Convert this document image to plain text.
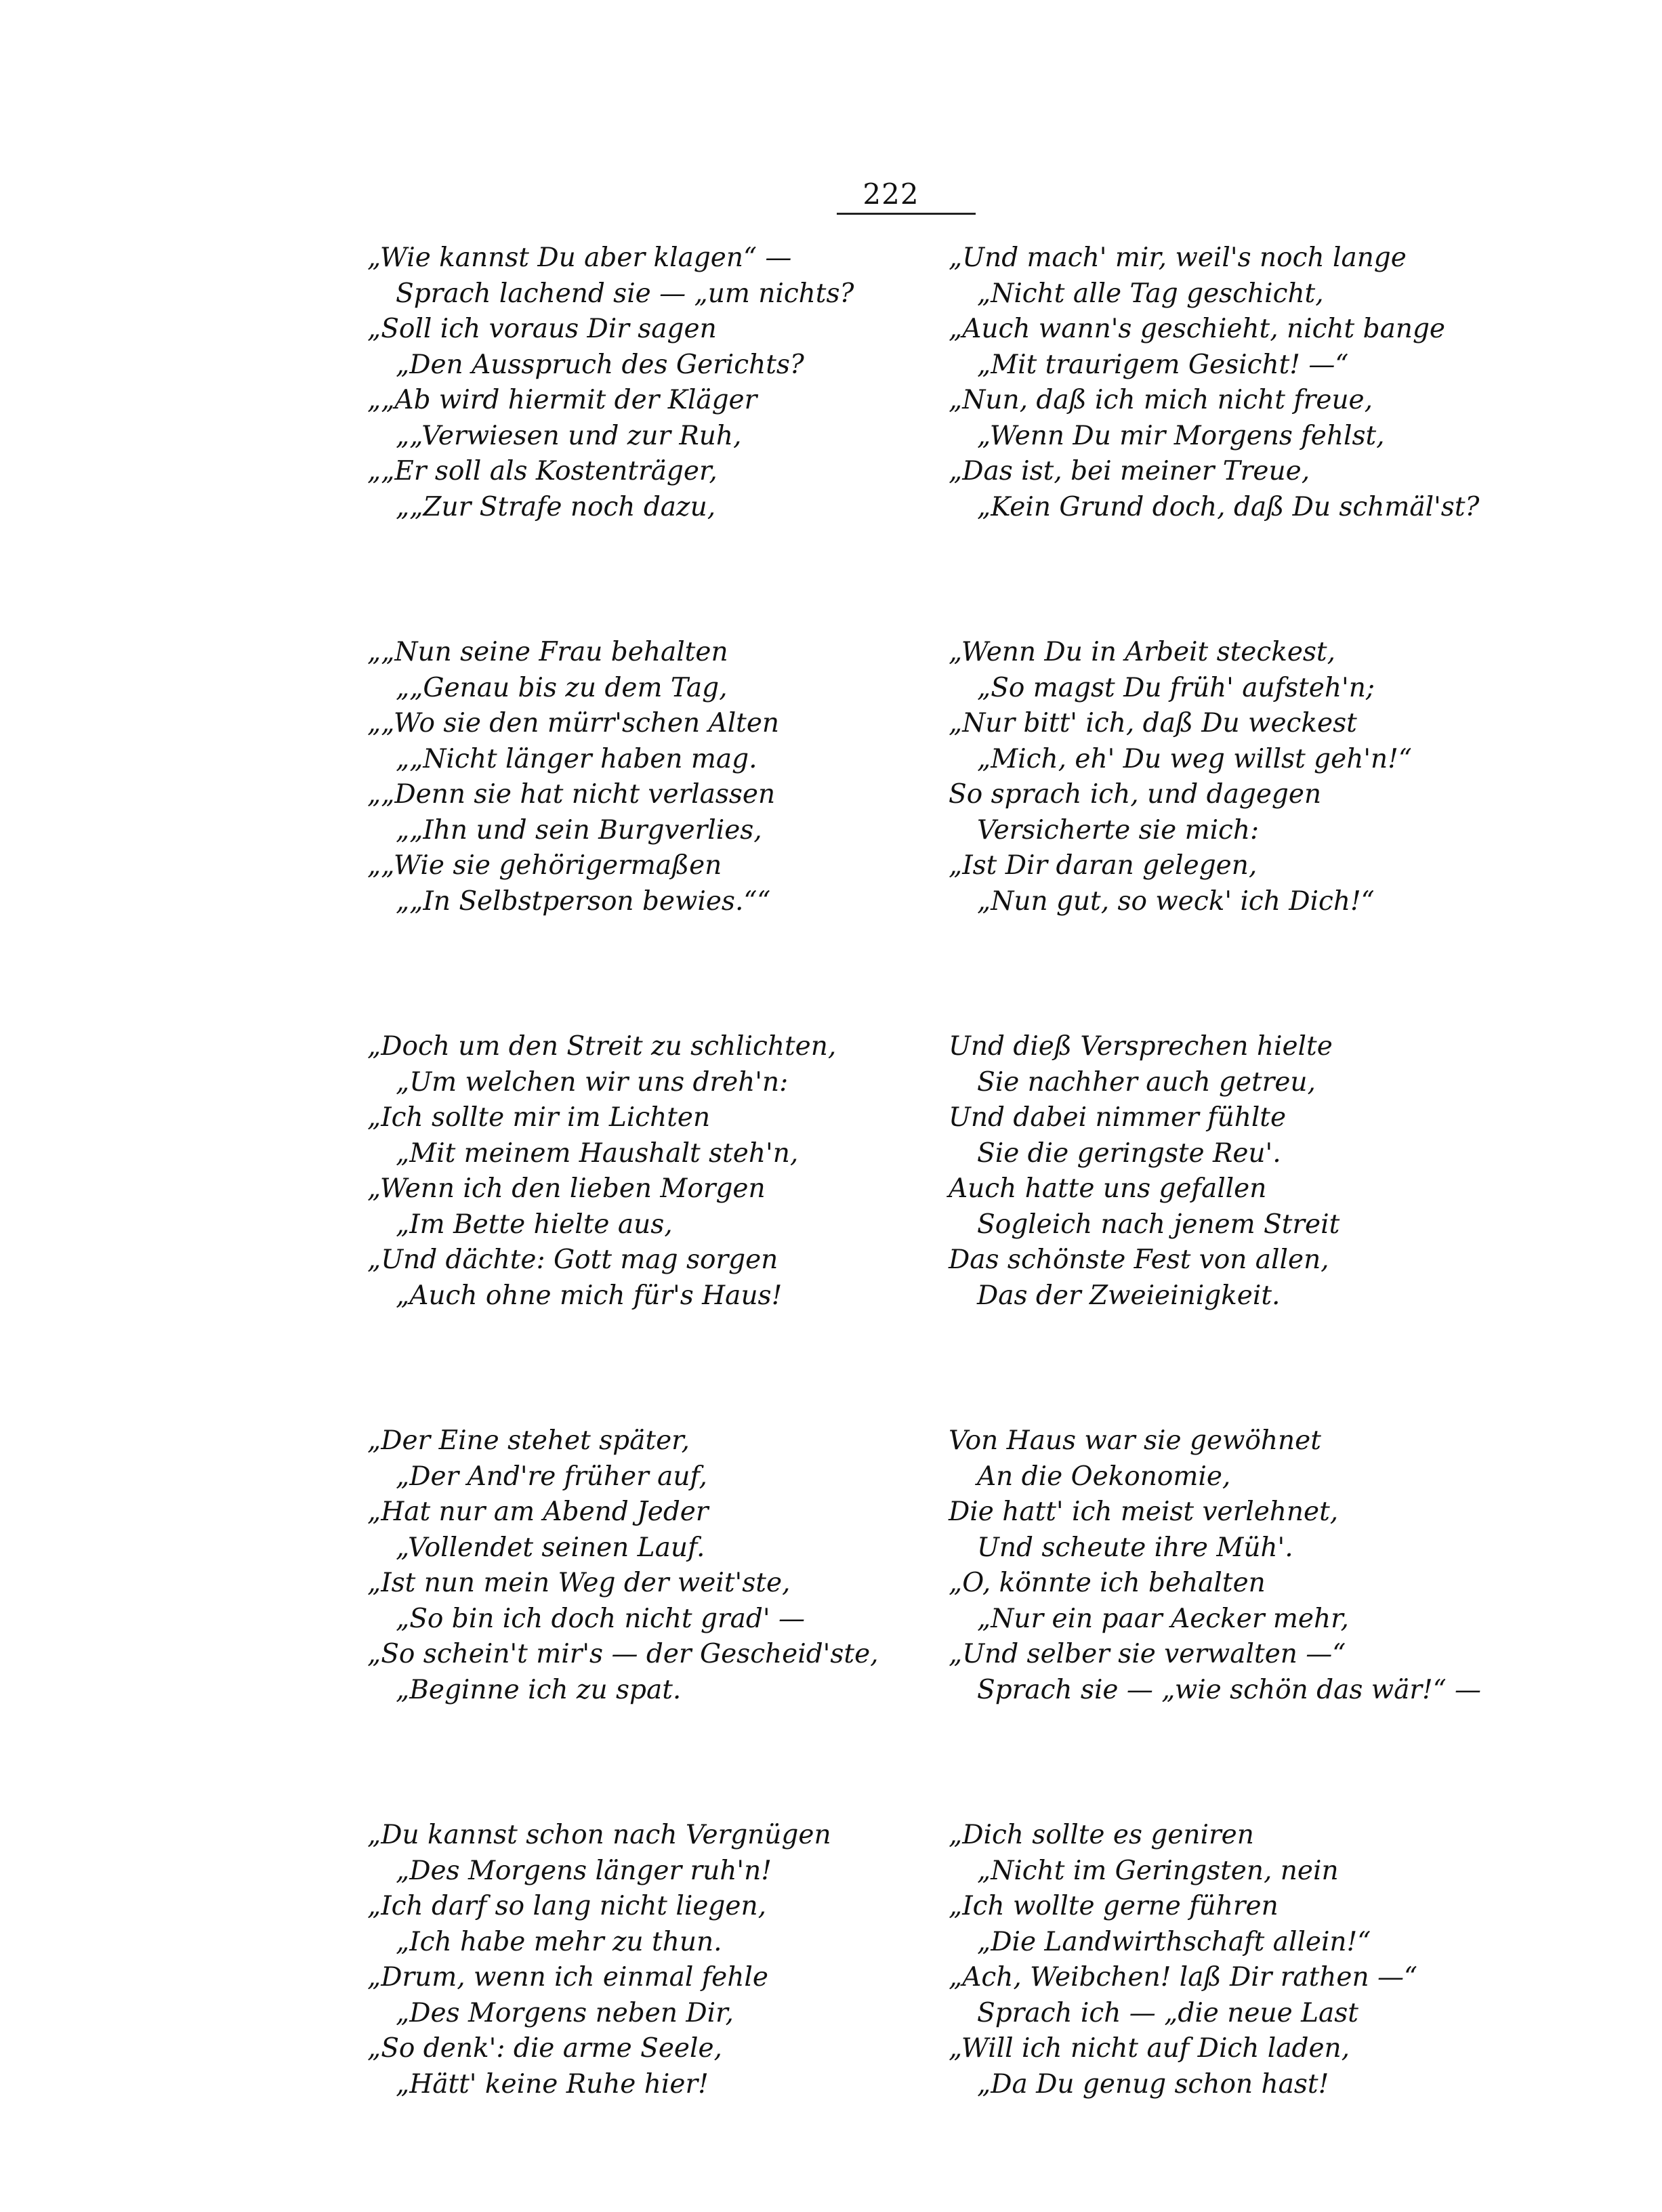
222
„Wie kannst Du aber klagen“ —
Sprach lachend sie — „um nichts?
„Soll ich voraus Dir sagen
„Den Ausspruch des Gerichts?
„„Ab wird hiermit der Kläger
„„Verwiesen und zur Ruh,
„„Er soll als Kostenträger,
„„Zur Strafe noch dazu,
„„Nun seine Frau behalten
„„Genau bis zu dem Tag,
„„Wo sie den mürr'schen Alten
„„Nicht länger haben mag.
„„Denn sie hat nicht verlassen
„„Ihn und sein Burgverlies,
„„Wie sie gehörigermaßen
„„In Selbstperson bewies.““
„Doch um den Streit zu schlichten,
„Um welchen wir uns dreh'n:
„Ich sollte mir im Lichten
„Mit meinem Haushalt steh'n,
„Wenn ich den lieben Morgen
„Im Bette hielte aus,
„Und dächte: Gott mag sorgen
„Auch ohne mich für's Haus!
„Der Eine stehet später,
„Der And're früher auf,
„Hat nur am Abend Jeder
„Vollendet seinen Lauf.
„Ist nun mein Weg der weit'ste,
„So bin ich doch nicht grad' —
„So schein't mir's — der Gescheid'ste,
„Beginne ich zu spat.
„Du kannst schon nach Vergnügen
„Des Morgens länger ruh'n!
„Ich darf so lang nicht liegen,
„Ich habe mehr zu thun.
„Drum, wenn ich einmal fehle
„Des Morgens neben Dir,
„So denk': die arme Seele,
„Hätt' keine Ruhe hier!
„Und mach' mir, weil's noch lange
„Nicht alle Tag geschicht,
„Auch wann's geschieht, nicht bange
„Mit traurigem Gesicht! —“
„Nun, daß ich mich nicht freue,
„Wenn Du mir Morgens fehlst,
„Das ist, bei meiner Treue,
„Kein Grund doch, daß Du schmäl'st?
„Wenn Du in Arbeit steckest,
„So magst Du früh' aufsteh'n;
„Nur bitt' ich, daß Du weckest
„Mich, eh' Du weg willst geh'n!“
So sprach ich, und dagegen
Versicherte sie mich:
„Ist Dir daran gelegen,
„Nun gut, so weck' ich Dich!“
Und dieß Versprechen hielte
Sie nachher auch getreu,
Und dabei nimmer fühlte
Sie die geringste Reu'.
Auch hatte uns gefallen
Sogleich nach jenem Streit
Das schönste Fest von allen,
Das der Zweieinigkeit.
Von Haus war sie gewöhnet
An die Oekonomie,
Die hatt' ich meist verlehnet,
Und scheute ihre Müh'.
„O, könnte ich behalten
„Nur ein paar Aecker mehr,
„Und selber sie verwalten —“
Sprach sie — „wie schön das wär!“ —
„Dich sollte es geniren
„Nicht im Geringsten, nein
„Ich wollte gerne führen
„Die Landwirthschaft allein!“
„Ach, Weibchen! laß Dir rathen —“
Sprach ich — „die neue Last
„Will ich nicht auf Dich laden,
„Da Du genug schon hast!
